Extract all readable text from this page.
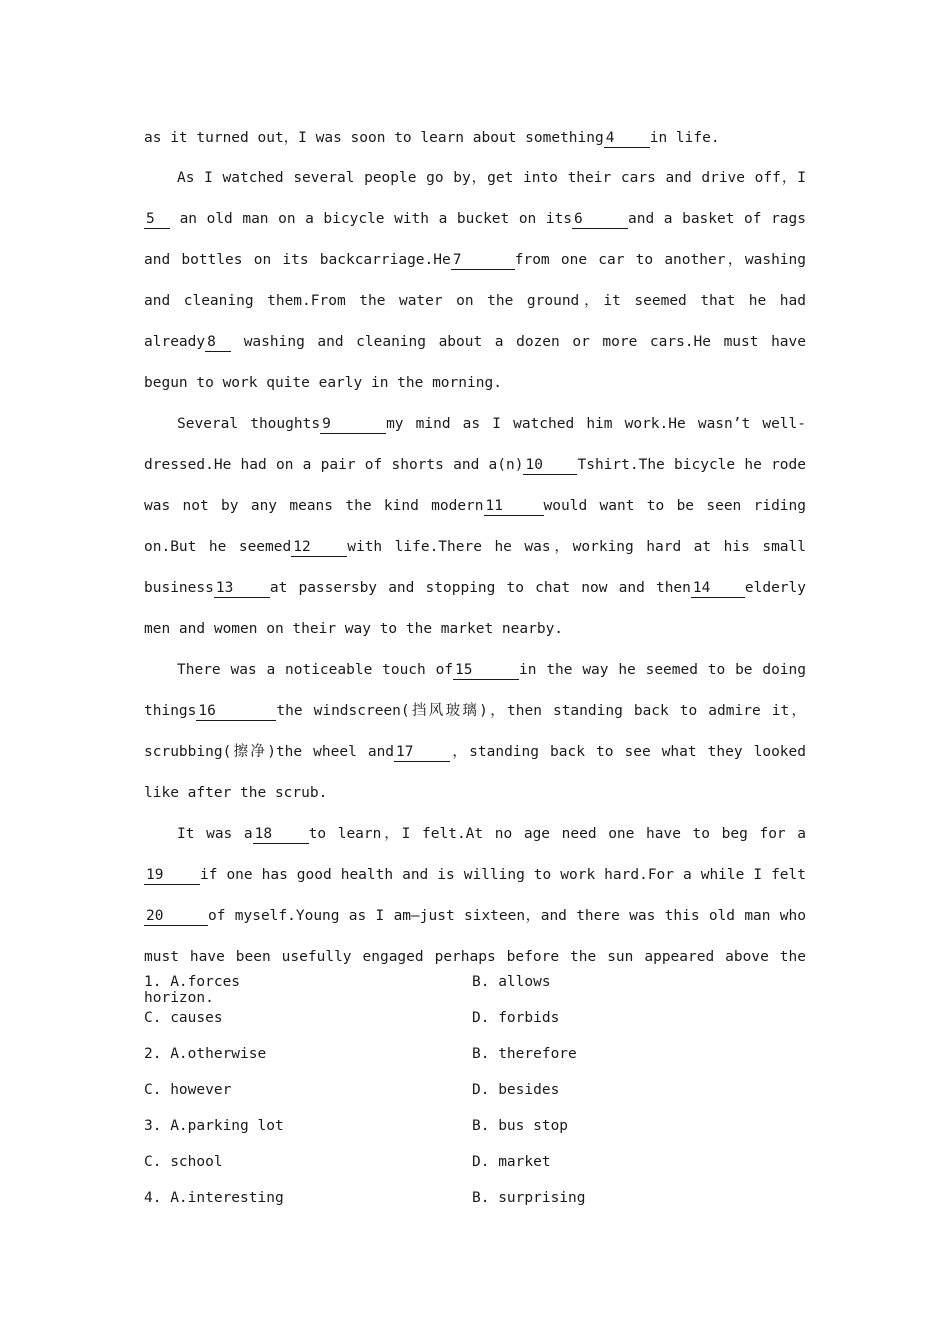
as it turned out，I was soon to learn about something 4 in life.

As I watched several people go by，get into their cars and drive off，I5 an old man on a bicycle with a bucket on its 6	and a basket of rags and bottles on its backcarriage.He 7	from one car to another，washing and cleaning them.From the water on the ground，it seemed that he had already 8 washing and cleaning about a dozen or more cars.He must have begun to work quite early in the morning.

Several thoughts 9	my mind as I watched him work.He wasn’t well-dressed.He had on a pair of shorts and a(n) 10 Tshirt.The bicycle he rode was not by any means the kind modern 11	would want to be seen riding on.But he seemed 12	with life.There he was，working hard at his small business 13	at passersby and stopping to chat now and then 14 elderly men and women on their way to the market nearby.

There was a noticeable touch of 15	in the way he seemed to be doing things 16	the windscreen(挡风玻璃)，then standing back to admire it，scrubbing(擦净)the wheel and 17	，standing back to see what they looked like after the scrub.

It was a 18	to learn，I felt.At no age need one have to beg for a19	if one has good health and is willing to work hard.For a while I felt20	of myself.Young as I am—just sixteen，and there was this old man who must have been usefully engaged perhaps before the sun appeared above the horizon.

1. A.forces	B. allows
C. causes	D. forbids
2. A.otherwise	B. therefore
C. however	D. besides
3. A.parking lot	B. bus stop
C. school	D. market
4. A.interesting	B. surprising
